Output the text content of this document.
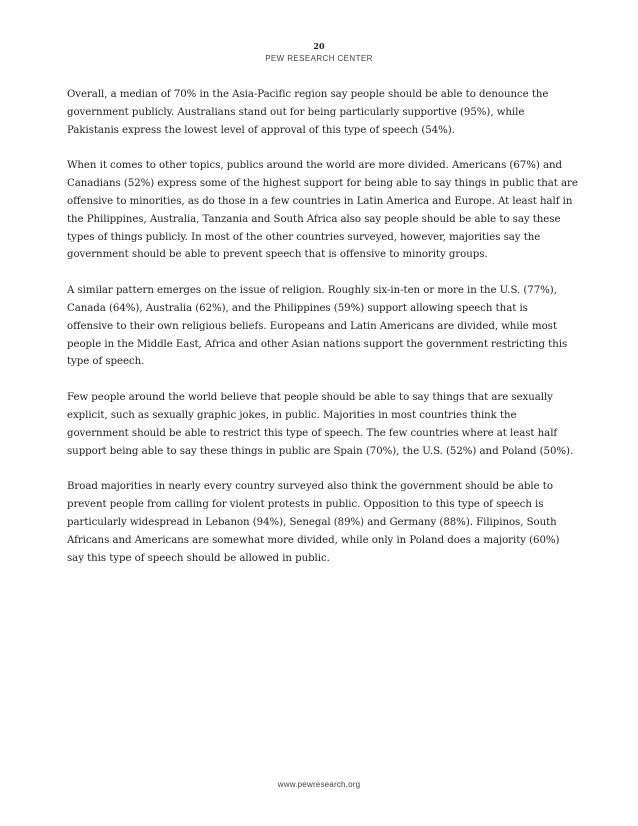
20
PEW RESEARCH CENTER

Overall, a median of 70% in the Asia-Pacific region say people should be able to denounce the
government publicly. Australians stand out for being particularly supportive (95%), while
Pakistanis express the lowest level of approval of this type of speech (54%).

When it comes to other topics, publics around the world are more divided. Americans (67%) and
Canadians (52%) express some of the highest support for being able to say things in public that are
offensive to minorities, as do those in a few countries in Latin America and Europe. At least half in
the Philippines, Australia, Tanzania and South Africa also say people should be able to say these
types of things publicly. In most of the other countries surveyed, however, majorities say the
government should be able to prevent speech that is offensive to minority groups.

A similar pattern emerges on the issue of religion. Roughly six-in-ten or more in the U.S. (77%),
Canada (64%), Australia (62%), and the Philippines (59%) support allowing speech that is
offensive to their own religious beliefs. Europeans and Latin Americans are divided, while most
people in the Middle East, Africa and other Asian nations support the government restricting this
type of speech.

Few people around the world believe that people should be able to say things that are sexually
explicit, such as sexually graphic jokes, in public. Majorities in most countries think the
government should be able to restrict this type of speech. The few countries where at least half
support being able to say these things in public are Spain (70%), the U.S. (52%) and Poland (50%).

Broad majorities in nearly every country surveyed also think the government should be able to
prevent people from calling for violent protests in public. Opposition to this type of speech is
particularly widespread in Lebanon (94%), Senegal (89%) and Germany (88%). Filipinos, South
Africans and Americans are somewhat more divided, while only in Poland does a majority (60%)
say this type of speech should be allowed in public.

www.pewresearch.org
